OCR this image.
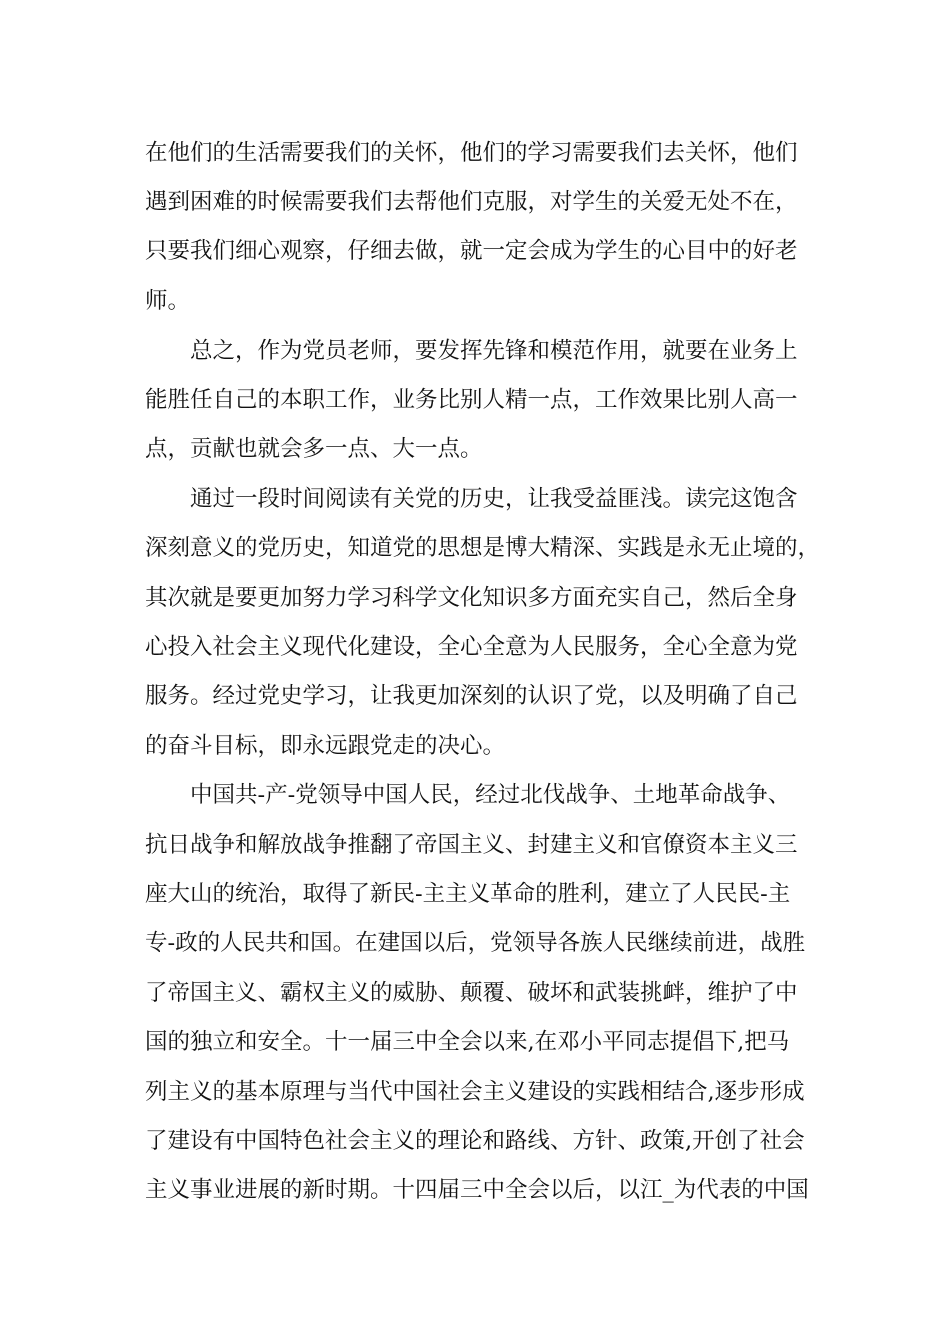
在他们的生活需要我们的关怀，他们的学习需要我们去关怀，他们

遇到困难的时候需要我们去帮他们克服，对学生的关爱无处不在，

只要我们细心观察，仔细去做，就一定会成为学生的心目中的好老

师。

总之，作为党员老师，要发挥先锋和模范作用，就要在业务上

能胜任自己的本职工作，业务比别人精一点，工作效果比别人高一

点，贡献也就会多一点、大一点。

通过一段时间阅读有关党的历史，让我受益匪浅。读完这饱含

深刻意义的党历史，知道党的思想是博大精深、实践是永无止境的，

其次就是要更加努力学习科学文化知识多方面充实自己，然后全身

心投入社会主义现代化建设，全心全意为人民服务，全心全意为党

服务。经过党史学习，让我更加深刻的认识了党，以及明确了自己

的奋斗目标，即永远跟党走的决心。

中国共-产-党领导中国人民，经过北伐战争、土地革命战争、

抗日战争和解放战争推翻了帝国主义、封建主义和官僚资本主义三

座大山的统治，取得了新民-主主义革命的胜利，建立了人民民-主

专-政的人民共和国。在建国以后，党领导各族人民继续前进，战胜

了帝国主义、霸权主义的威胁、颠覆、破坏和武装挑衅，维护了中

国的独立和安全。十一届三中全会以来,在邓小平同志提倡下,把马

列主义的基本原理与当代中国社会主义建设的实践相结合,逐步形成

了建设有中国特色社会主义的理论和路线、方针、政策,开创了社会

主义事业进展的新时期。十四届三中全会以后，以江_为代表的中国
